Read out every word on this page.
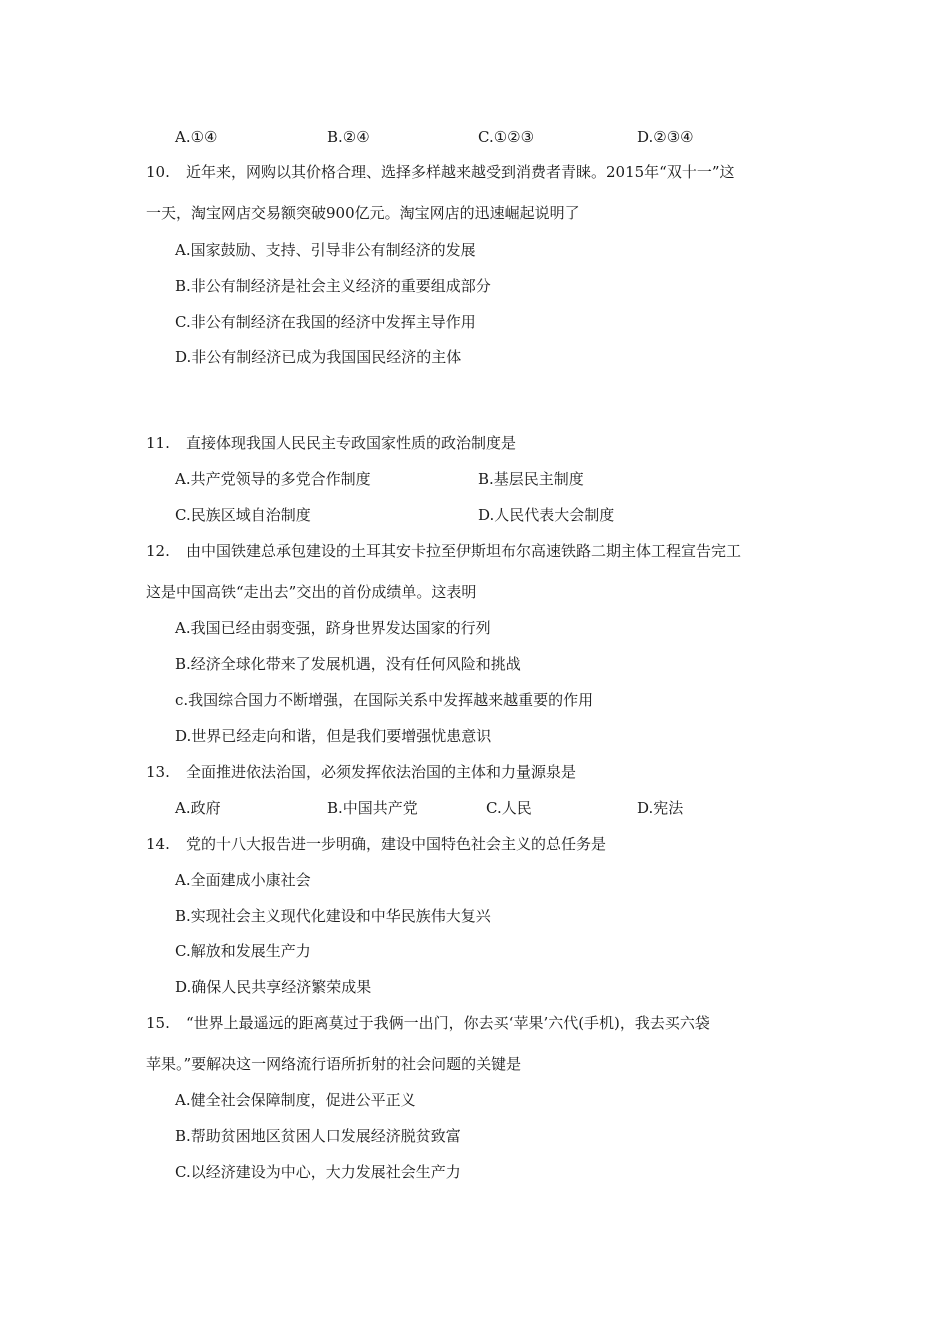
A.①④	B.②④	C.①②③	D.②③④
10. 近年来，网购以其价格合理、选择多样越来越受到消费者青睐。2015年“双十一”这
一天，淘宝网店交易额突破900亿元。淘宝网店的迅速崛起说明了
A.国家鼓励、支持、引导非公有制经济的发展
B.非公有制经济是社会主义经济的重要组成部分
C.非公有制经济在我国的经济中发挥主导作用
D.非公有制经济已成为我国国民经济的主体
11. 直接体现我国人民民主专政国家性质的政治制度是
A.共产党领导的多党合作制度	B.基层民主制度
C.民族区域自治制度	D.人民代表大会制度
12. 由中国铁建总承包建设的土耳其安卡拉至伊斯坦布尔高速铁路二期主体工程宣告完工
这是中国高铁“走出去”交出的首份成绩单。这表明
A.我国已经由弱变强，跻身世界发达国家的行列
B.经济全球化带来了发展机遇，没有任何风险和挑战
c.我国综合国力不断增强，在国际关系中发挥越来越重要的作用
D.世界已经走向和谐，但是我们要增强忧患意识
13. 全面推进依法治国，必须发挥依法治国的主体和力量源泉是
A.政府	B.中国共产党	C.人民	D.宪法
14. 党的十八大报告进一步明确，建设中国特色社会主义的总任务是
A.全面建成小康社会
B.实现社会主义现代化建设和中华民族伟大复兴
C.解放和发展生产力
D.确保人民共享经济繁荣成果
15. “世界上最遥远的距离莫过于我俩一出门，你去买‘苹果’六代(手机)，我去买六袋
苹果。”要解决这一网络流行语所折射的社会问题的关键是
A.健全社会保障制度，促进公平正义
B.帮助贫困地区贫困人口发展经济脱贫致富
C.以经济建设为中心，大力发展社会生产力
